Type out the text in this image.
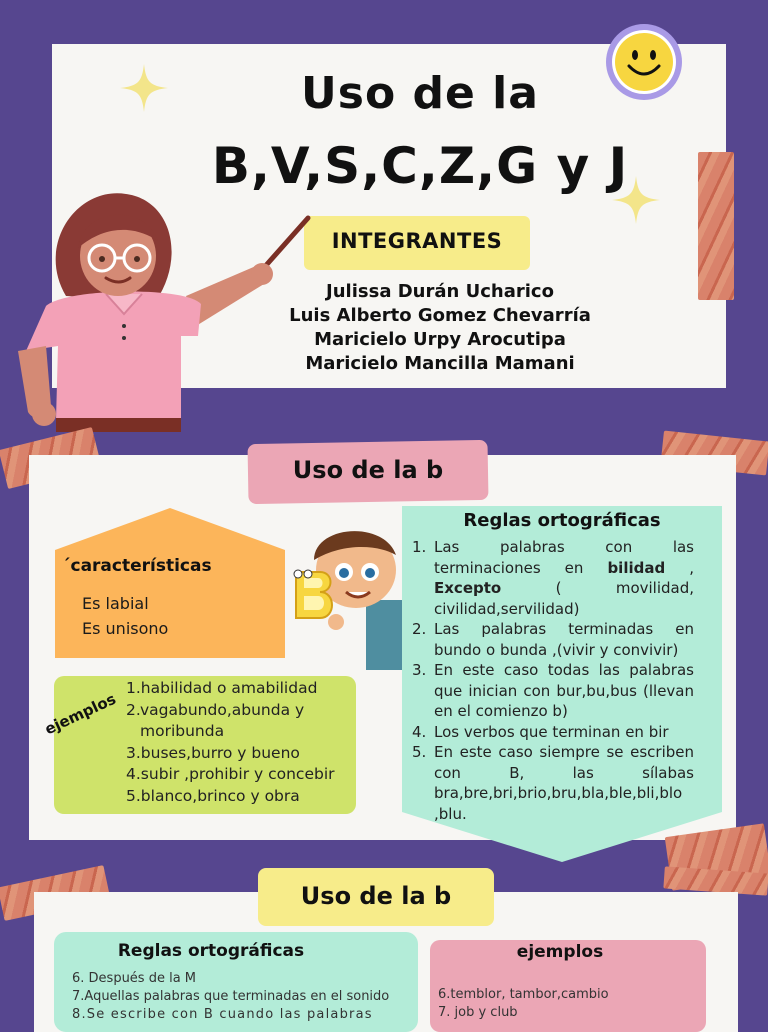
Uso de la
B,V,S,C,Z,G y J
INTEGRANTES
Julissa Durán Ucharico
Luis Alberto Gomez Chevarría
Maricielo Urpy Arocutipa
Maricielo Mancilla Mamani
Uso de la b
´características
Es labial
Es unisono
ejemplos
1. habilidad o amabilidad
2. vagabundo,abunda y moribunda
3. buses,burro y bueno
4. subir ,prohibir y concebir
5. blanco,brinco y obra
Reglas ortográficas
1. Las palabras con las terminaciones en bilidad , Excepto ( movilidad, civilidad,servilidad)
2. Las palabras terminadas en bundo o bunda ,(vivir y convivir)
3. En este caso todas las palabras que inician con bur,bu,bus (llevan en el comienzo b)
4. Los verbos que terminan en bir
5. En este caso siempre se escriben con B, las sílabas bra,bre,bri,brio,bru,bla,ble,bli,blo ,blu.
Uso de la b
Reglas ortográficas
6. Después de la M
7.Aquellas palabras que terminadas en el sonido
8.Se escribe con B cuando las palabras
ejemplos
6.temblor, tambor,cambio
7. job y club
